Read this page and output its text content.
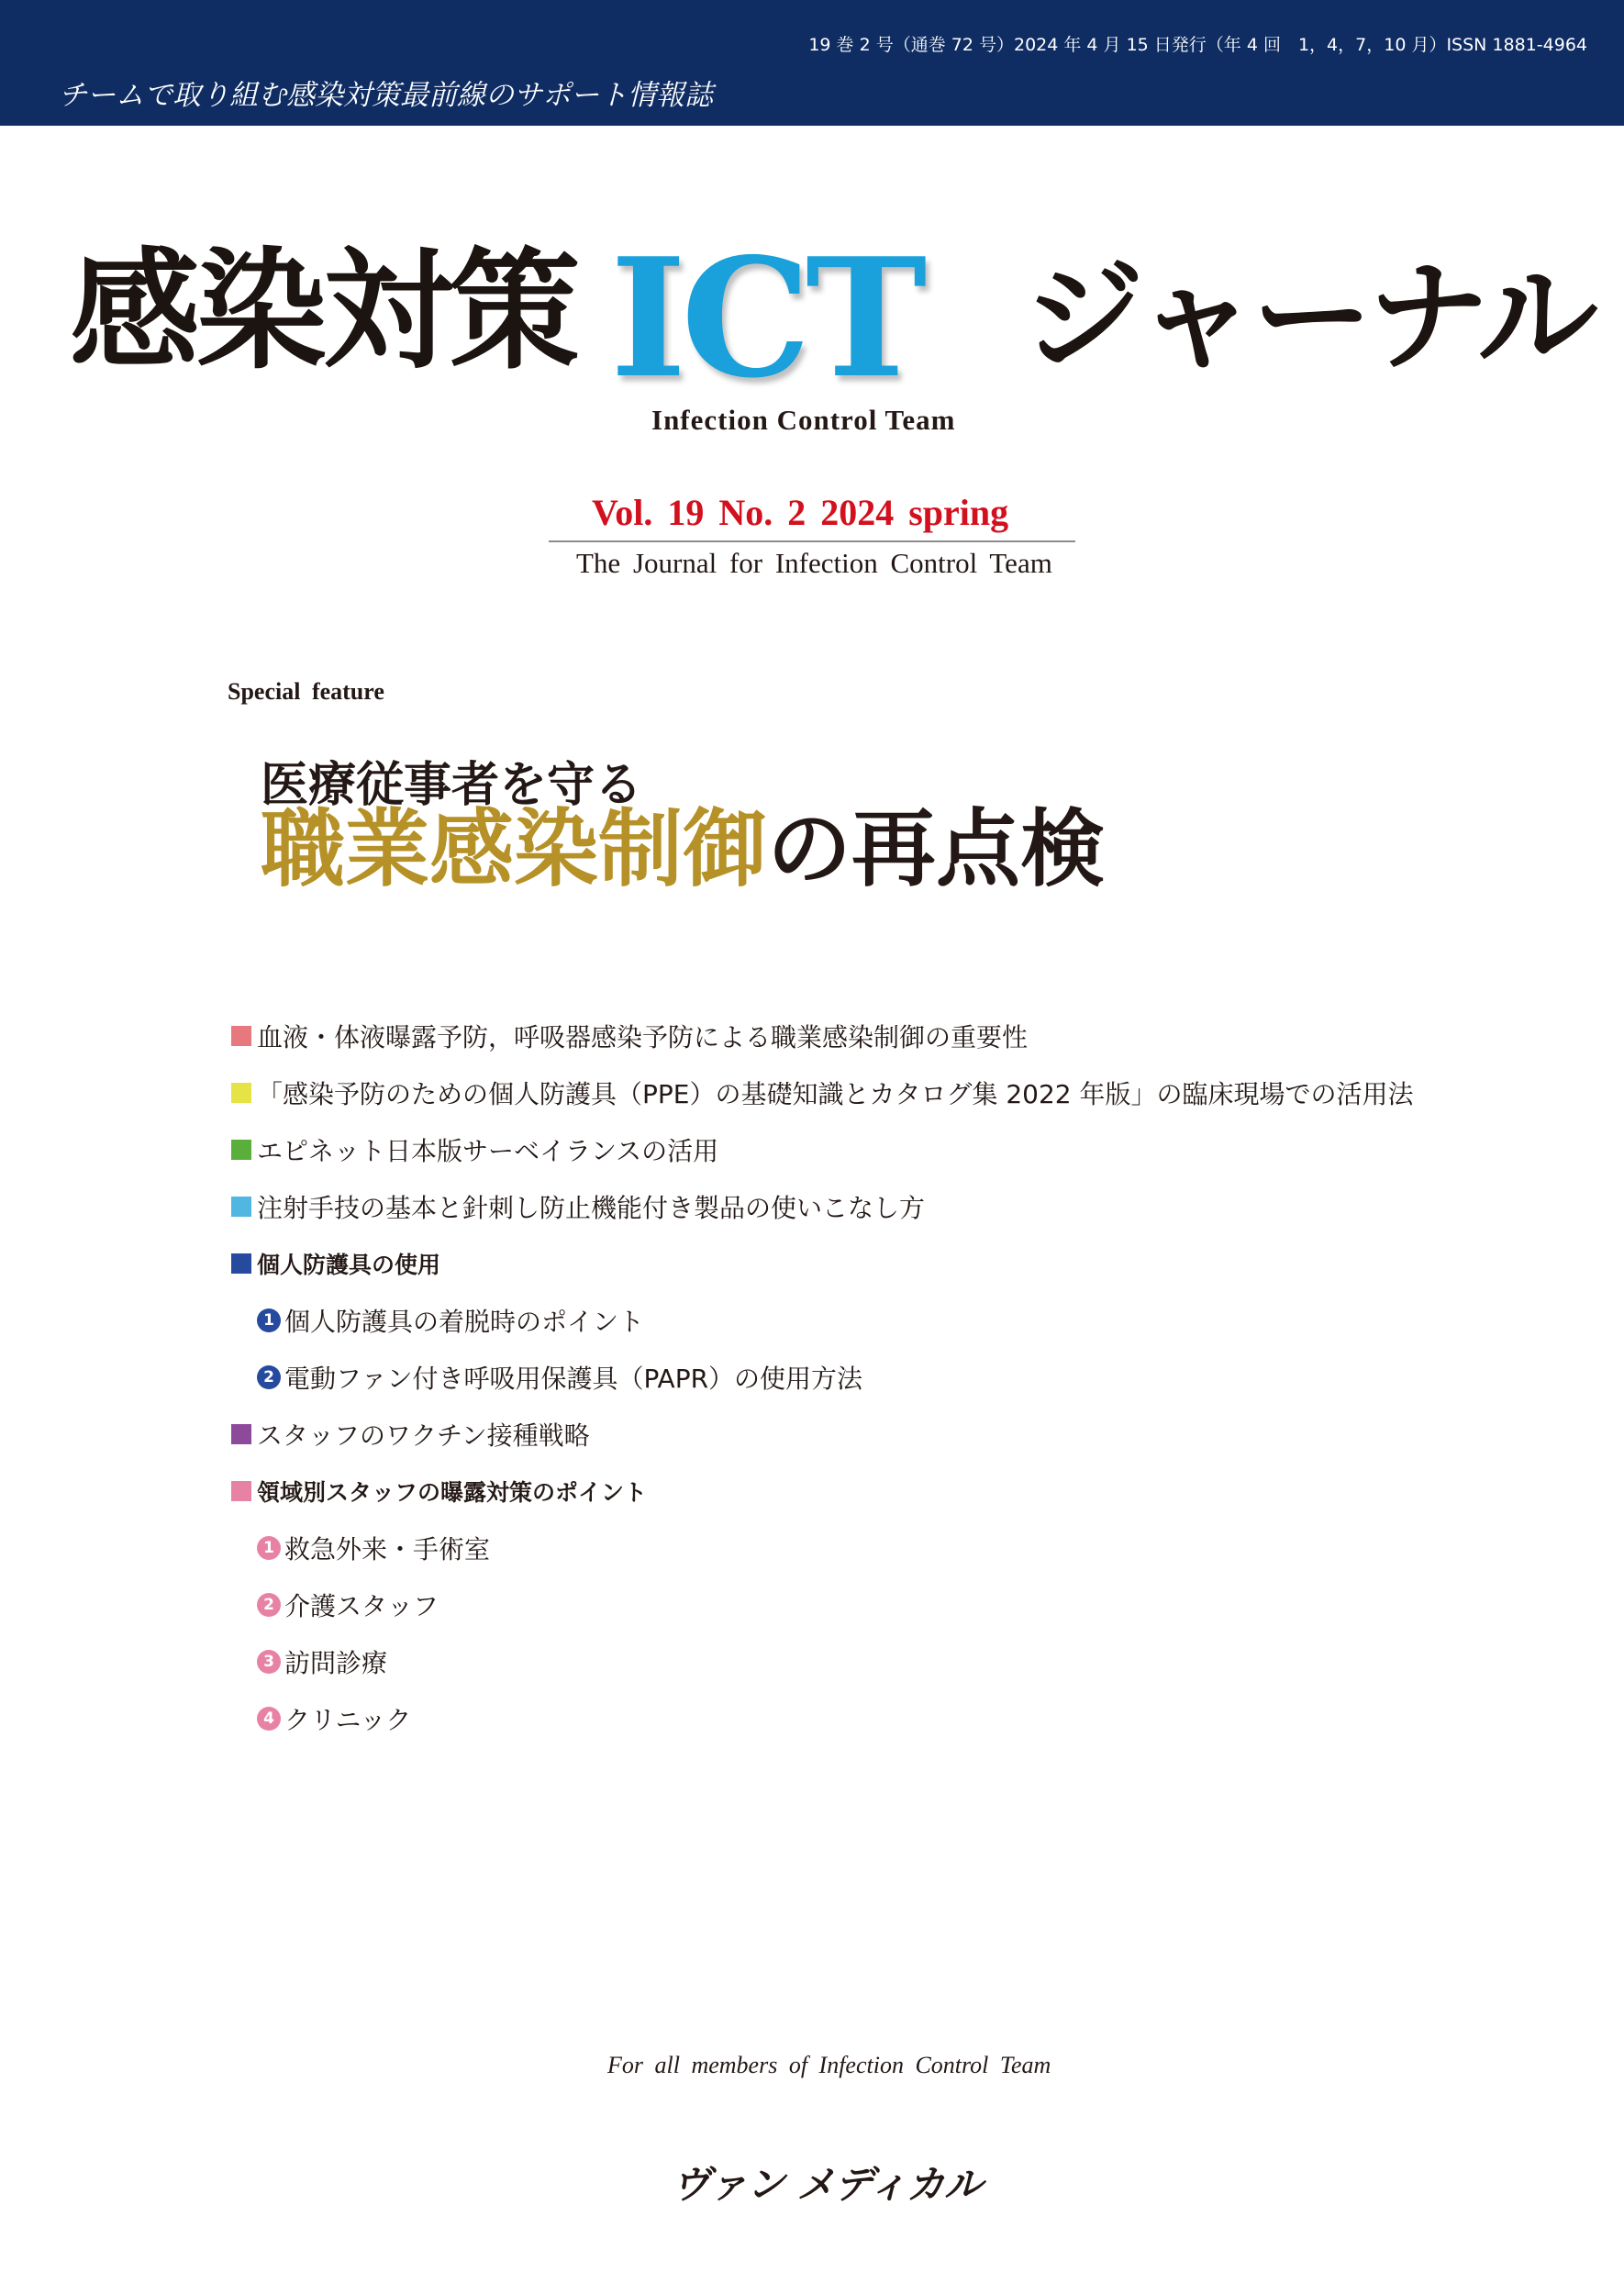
19 巻 2 号（通巻 72 号）2024 年 4 月 15 日発行（年 4 回　1，4，7，10 月）ISSN 1881-4964
チームで取り組む感染対策最前線のサポート情報誌
感染対策 ICT ジャーナル
Infection Control Team
Vol. 19 No. 2 2024 spring
The Journal for Infection Control Team
Special feature
医療従事者を守る
職業感染制御の再点検
血液・体液曝露予防，呼吸器感染予防による職業感染制御の重要性
「感染予防のための個人防護具（PPE）の基礎知識とカタログ集 2022 年版」の臨床現場での活用法
エピネット日本版サーベイランスの活用
注射手技の基本と針刺し防止機能付き製品の使いこなし方
個人防護具の使用
1 個人防護具の着脱時のポイント
2 電動ファン付き呼吸用保護具（PAPR）の使用方法
スタッフのワクチン接種戦略
領域別スタッフの曝露対策のポイント
1 救急外来・手術室
2 介護スタッフ
3 訪問診療
4 クリニック
For all members of Infection Control Team
ヴァン メディカル
